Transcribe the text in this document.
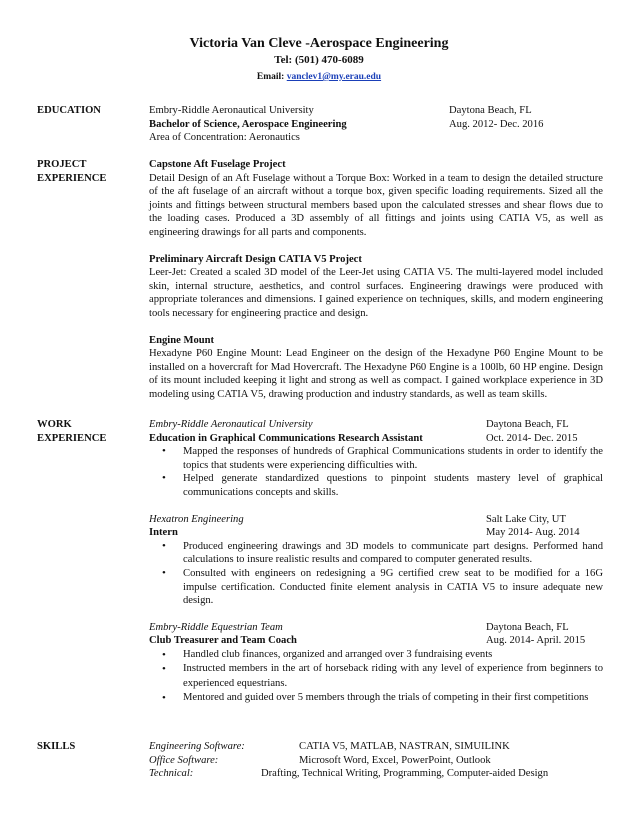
Victoria Van Cleve -Aerospace Engineering
Tel: (501) 470-6089
Email: vanclev1@my.erau.edu
EDUCATION	Embry-Riddle Aeronautical University	Daytona Beach, FL
Bachelor of Science, Aerospace Engineering	Aug. 2012- Dec. 2016
Area of Concentration: Aeronautics
PROJECT
EXPERIENCE
Capstone Aft Fuselage Project
Detail Design of an Aft Fuselage without a Torque Box: Worked in a team to design the detailed structure of the aft fuselage of an aircraft without a torque box, given specific loading requirements. Sized all the joints and fittings between structural members based upon the calculated stresses and shear flows due to the loading cases. Produced a 3D assembly of all fittings and joints using CATIA V5, as well as engineering drawings for all parts and components.
Preliminary Aircraft Design CATIA V5 Project
Leer-Jet: Created a scaled 3D model of the Leer-Jet using CATIA V5. The multi-layered model included skin, internal structure, aesthetics, and control surfaces. Engineering drawings were produced with appropriate tolerances and dimensions. I gained experience on techniques, skills, and modern engineering tools necessary for engineering practice and design.
Engine Mount
Hexadyne P60 Engine Mount: Lead Engineer on the design of the Hexadyne P60 Engine Mount to be installed on a hovercraft for Mad Hovercraft. The Hexadyne P60 Engine is a 100lb, 60 HP engine. Design of its mount included keeping it light and strong as well as compact. I gained workplace experience in 3D modeling using CATIA V5, drawing production and industry standards, as well as team skills.
WORK
EXPERIENCE
Embry-Riddle Aeronautical University	Daytona Beach, FL
Education in Graphical Communications Research Assistant	Oct. 2014- Dec. 2015
• Mapped the responses of hundreds of Graphical Communications students in order to identify the topics that students were experiencing difficulties with.
• Helped generate standardized questions to pinpoint students mastery level of graphical communications concepts and skills.
Hexatron Engineering	Salt Lake City, UT
Intern	May 2014- Aug. 2014
• Produced engineering drawings and 3D models to communicate part designs. Performed hand calculations to insure realistic results and compared to computer generated results.
• Consulted with engineers on redesigning a 9G certified crew seat to be modified for a 16G impulse certification. Conducted finite element analysis in CATIA V5 to insure adequate new design.
Embry-Riddle Equestrian Team	Daytona Beach, FL
Club Treasurer and Team Coach	Aug. 2014- April. 2015
• Handled club finances, organized and arranged over 3 fundraising events
• Instructed members in the art of horseback riding with any level of experience from beginners to experienced equestrians.
• Mentored and guided over 5 members through the trials of competing in their first competitions
SKILLS	Engineering Software:	CATIA V5, MATLAB, NASTRAN, SIMUILINK
Office Software:	Microsoft Word, Excel, PowerPoint, Outlook
Technical:	Drafting, Technical Writing, Programming, Computer-aided Design
